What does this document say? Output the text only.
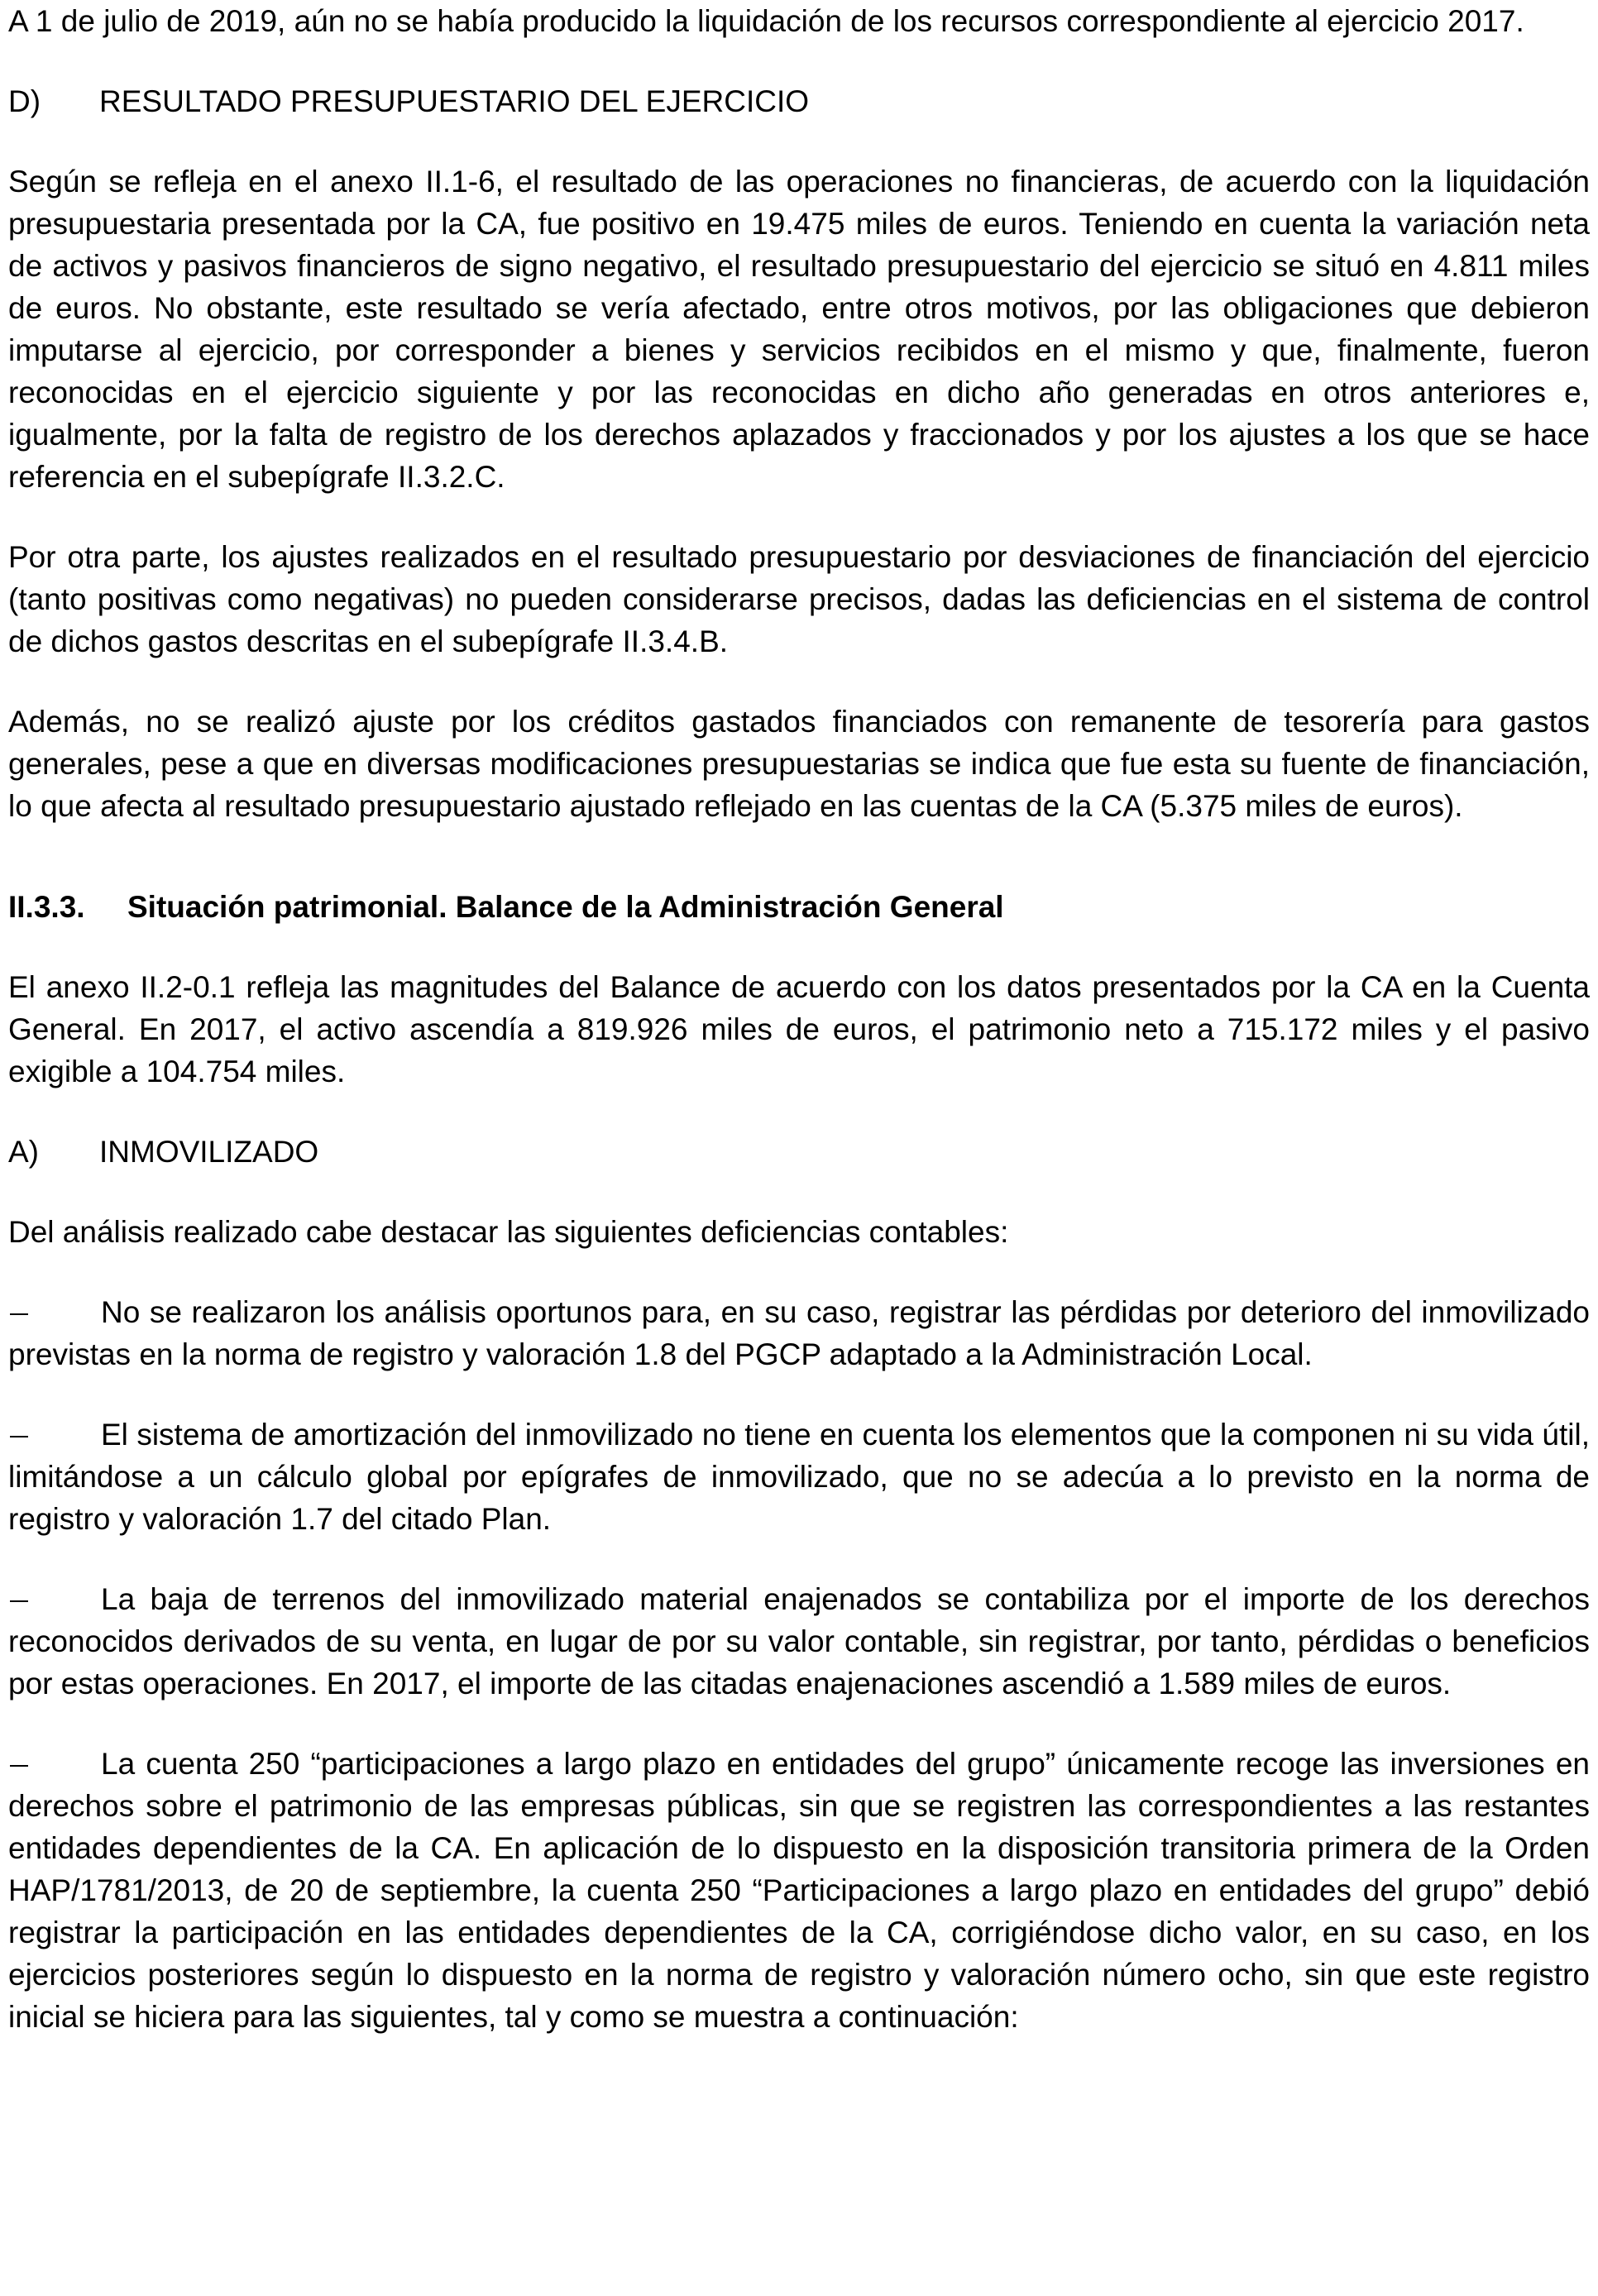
A 1 de julio de 2019, aún no se había producido la liquidación de los recursos correspondiente al ejercicio 2017.

D)	RESULTADO PRESUPUESTARIO DEL EJERCICIO

Según se refleja en el anexo II.1-6, el resultado de las operaciones no financieras, de acuerdo con la liquidación presupuestaria presentada por la CA, fue positivo en 19.475 miles de euros. Teniendo en cuenta la variación neta de activos y pasivos financieros de signo negativo, el resultado presupuestario del ejercicio se situó en 4.811 miles de euros. No obstante, este resultado se vería afectado, entre otros motivos, por las obligaciones que debieron imputarse al ejercicio, por corresponder a bienes y servicios recibidos en el mismo y que, finalmente, fueron reconocidas en el ejercicio siguiente y por las reconocidas en dicho año generadas en otros anteriores e, igualmente, por la falta de registro de los derechos aplazados y fraccionados y por los ajustes a los que se hace referencia en el subepígrafe II.3.2.C.

Por otra parte, los ajustes realizados en el resultado presupuestario por desviaciones de financiación del ejercicio (tanto positivas como negativas) no pueden considerarse precisos, dadas las deficiencias en el sistema de control de dichos gastos descritas en el subepígrafe II.3.4.B.

Además, no se realizó ajuste por los créditos gastados financiados con remanente de tesorería para gastos generales, pese a que en diversas modificaciones presupuestarias se indica que fue esta su fuente de financiación, lo que afecta al resultado presupuestario ajustado reflejado en las cuentas de la CA (5.375 miles de euros).

II.3.3.	Situación patrimonial. Balance de la Administración General

El anexo II.2-0.1 refleja las magnitudes del Balance de acuerdo con los datos presentados por la CA en la Cuenta General. En 2017, el activo ascendía a 819.926 miles de euros, el patrimonio neto a 715.172 miles y el pasivo exigible a 104.754 miles.

A)	INMOVILIZADO

Del análisis realizado cabe destacar las siguientes deficiencias contables:

No se realizaron los análisis oportunos para, en su caso, registrar las pérdidas por deterioro del inmovilizado previstas en la norma de registro y valoración 1.8 del PGCP adaptado a la Administración Local.

El sistema de amortización del inmovilizado no tiene en cuenta los elementos que la componen ni su vida útil, limitándose a un cálculo global por epígrafes de inmovilizado, que no se adecúa a lo previsto en la norma de registro y valoración 1.7 del citado Plan.

La baja de terrenos del inmovilizado material enajenados se contabiliza por el importe de los derechos reconocidos derivados de su venta, en lugar de por su valor contable, sin registrar, por tanto, pérdidas o beneficios por estas operaciones. En 2017, el importe de las citadas enajenaciones ascendió a 1.589 miles de euros.

La cuenta 250 “participaciones a largo plazo en entidades del grupo” únicamente recoge las inversiones en derechos sobre el patrimonio de las empresas públicas, sin que se registren las correspondientes a las restantes entidades dependientes de la CA. En aplicación de lo dispuesto en la disposición transitoria primera de la Orden HAP/1781/2013, de 20 de septiembre, la cuenta 250 “Participaciones a largo plazo en entidades del grupo” debió registrar la participación en las entidades dependientes de la CA, corrigiéndose dicho valor, en su caso, en los ejercicios posteriores según lo dispuesto en la norma de registro y valoración número ocho, sin que este registro inicial se hiciera para las siguientes, tal y como se muestra a continuación:
